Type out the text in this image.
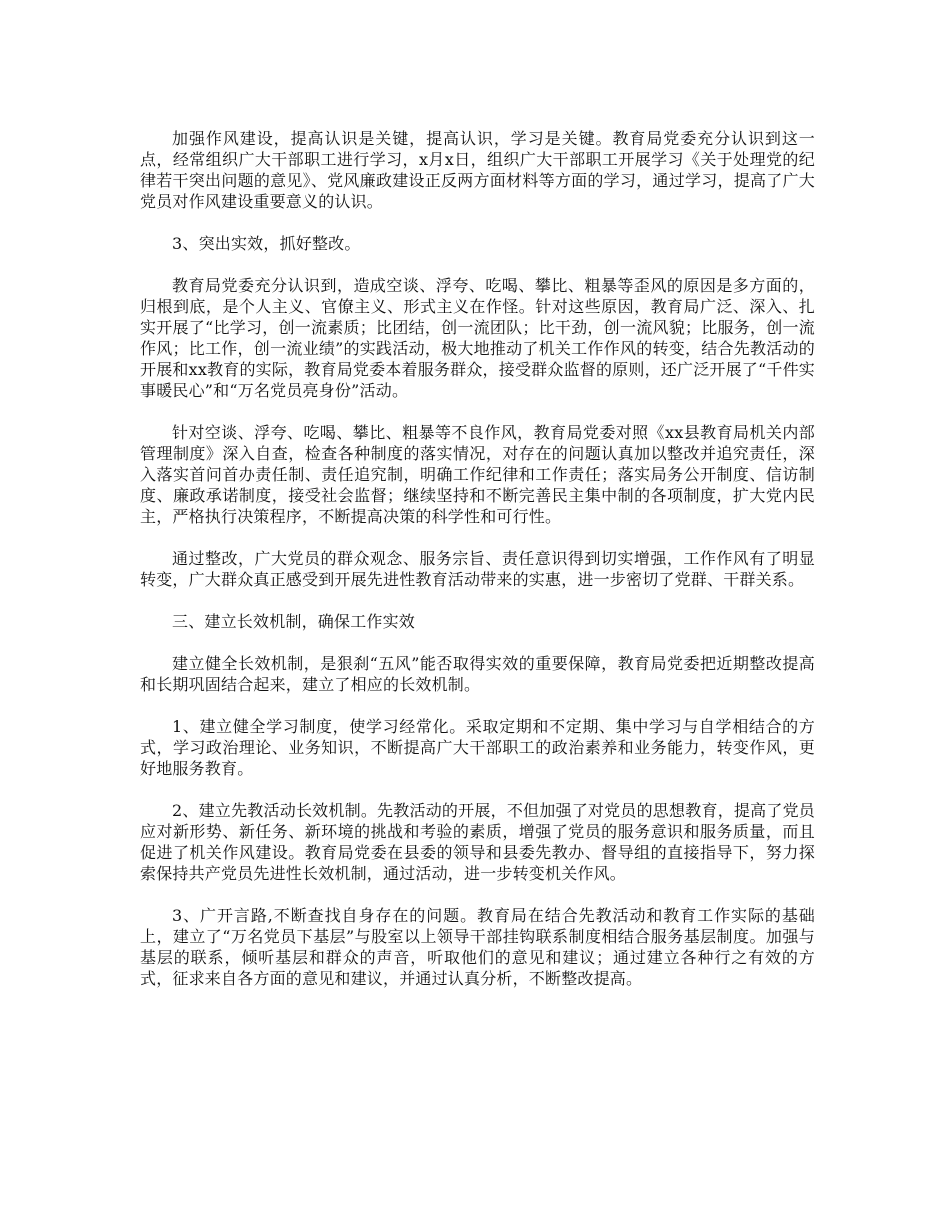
加强作风建设，提高认识是关键，提高认识，学习是关键。教育局党委充分认识到这一点，经常组织广大干部职工进行学习，x月x日，组织广大干部职工开展学习《关于处理党的纪律若干突出问题的意见》、党风廉政建设正反两方面材料等方面的学习，通过学习，提高了广大党员对作风建设重要意义的认识。

3、突出实效，抓好整改。

教育局党委充分认识到，造成空谈、浮夸、吃喝、攀比、粗暴等歪风的原因是多方面的，归根到底，是个人主义、官僚主义、形式主义在作怪。针对这些原因，教育局广泛、深入、扎实开展了“比学习，创一流素质；比团结，创一流团队；比干劲，创一流风貌；比服务，创一流作风；比工作，创一流业绩”的实践活动，极大地推动了机关工作作风的转变，结合先教活动的开展和xx教育的实际，教育局党委本着服务群众，接受群众监督的原则，还广泛开展了“千件实事暖民心”和“万名党员亮身份”活动。

针对空谈、浮夸、吃喝、攀比、粗暴等不良作风，教育局党委对照《xx县教育局机关内部管理制度》深入自查，检查各种制度的落实情况，对存在的问题认真加以整改并追究责任，深入落实首问首办责任制、责任追究制，明确工作纪律和工作责任；落实局务公开制度、信访制度、廉政承诺制度，接受社会监督；继续坚持和不断完善民主集中制的各项制度，扩大党内民主，严格执行决策程序，不断提高决策的科学性和可行性。

通过整改，广大党员的群众观念、服务宗旨、责任意识得到切实增强，工作作风有了明显转变，广大群众真正感受到开展先进性教育活动带来的实惠，进一步密切了党群、干群关系。

三、建立长效机制，确保工作实效

建立健全长效机制，是狠刹“五风”能否取得实效的重要保障，教育局党委把近期整改提高和长期巩固结合起来，建立了相应的长效机制。

1、建立健全学习制度，使学习经常化。采取定期和不定期、集中学习与自学相结合的方式，学习政治理论、业务知识，不断提高广大干部职工的政治素养和业务能力，转变作风，更好地服务教育。

2、建立先教活动长效机制。先教活动的开展，不但加强了对党员的思想教育，提高了党员应对新形势、新任务、新环境的挑战和考验的素质，增强了党员的服务意识和服务质量，而且促进了机关作风建设。教育局党委在县委的领导和县委先教办、督导组的直接指导下，努力探索保持共产党员先进性长效机制，通过活动，进一步转变机关作风。

3、广开言路,不断查找自身存在的问题。教育局在结合先教活动和教育工作实际的基础上，建立了“万名党员下基层”与股室以上领导干部挂钩联系制度相结合服务基层制度。加强与基层的联系，倾听基层和群众的声音，听取他们的意见和建议；通过建立各种行之有效的方式，征求来自各方面的意见和建议，并通过认真分析，不断整改提高。
